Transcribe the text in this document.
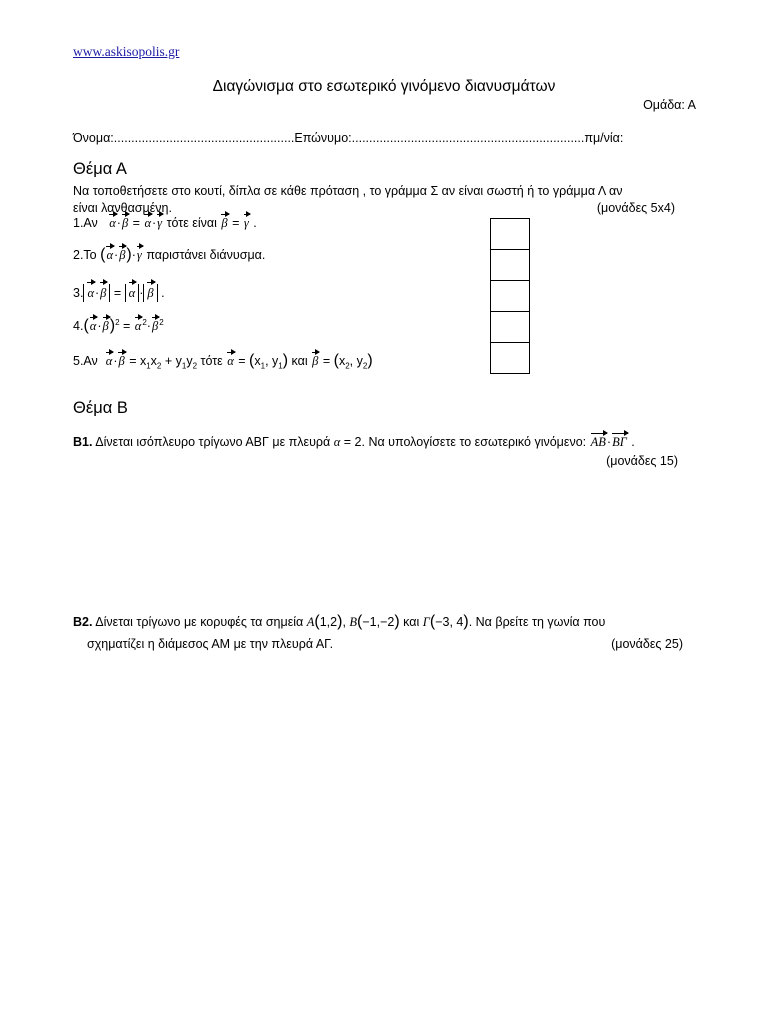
www.askisopolis.gr
Διαγώνισμα στο εσωτερικό γινόμενο διανυσμάτων
Ομάδα: Α
Όνομα:....................................................Επώνυμο:...................................................................πμ/νία:
Θέμα Α
Να τοποθετήσετε στο κουτί, δίπλα σε κάθε πρόταση , το γράμμα Σ αν είναι σωστή ή το γράμμα Λ αν
είναι λανθασμένη.	(μονάδες 5x4)
1.Αν α·β = α·γ τότε είναι β = γ .
2.Το (α·β)·γ παριστάνει διάνυσμα.
3. α·β = α · β .
$4.(\alpha\cdot\beta)^2 = \alpha^2\cdot\beta^2$
5.Αν $\alpha\cdot\beta = x_1x_2 + y_1y_2$ τότε $\alpha = (x_1$, $y_1$) και $\beta = (x_2$, $y_2$)
Θέμα Β
Β1. Δίνεται ισόπλευρο τρίγωνο ΑΒΓ με πλευρά α = 2. Να υπολογίσετε το εσωτερικό γινόμενο: ΑΒ·ΒΓ .
(μονάδες 15)
Β2. Δίνεται τρίγωνο με κορυφές τα σημεία Α(1,2), Β(−1,−2) και Γ(−3, 4). Να βρείτε τη γωνία που
σχηματίζει η διάμεσος ΑΜ με την πλευρά ΑΓ.	(μονάδες 25)
